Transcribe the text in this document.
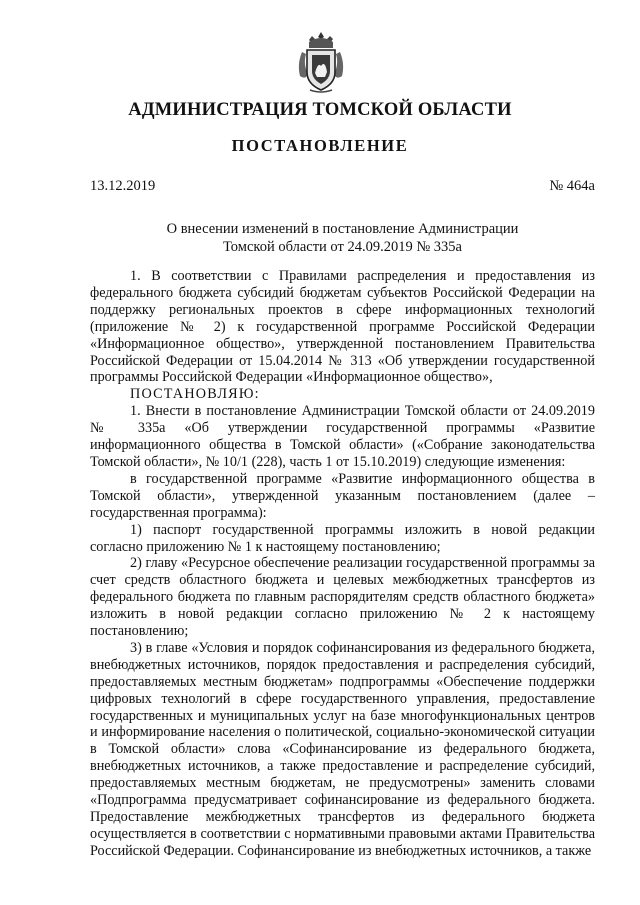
АДМИНИСТРАЦИЯ ТОМСКОЙ ОБЛАСТИ
ПОСТАНОВЛЕНИЕ
13.12.2019	№ 464а
О внесении изменений в постановление Администрации
Томской области от 24.09.2019 № 335а

1. В соответствии с Правилами распределения и предоставления из федерального бюджета субсидий бюджетам субъектов Российской Федерации на поддержку региональных проектов в сфере информационных технологий (приложение № 2) к государственной программе Российской Федерации «Информационное общество», утвержденной постановлением Правительства Российской Федерации от 15.04.2014 № 313 «Об утверждении государственной программы Российской Федерации «Информационное общество»,

ПОСТАНОВЛЯЮ:

1. Внести в постановление Администрации Томской области от 24.09.2019 № 335а «Об утверждении государственной программы «Развитие информационного общества в Томской области» («Собрание законодательства Томской области», № 10/1 (228), часть 1 от 15.10.2019) следующие изменения:

в государственной программе «Развитие информационного общества в Томской области», утвержденной указанным постановлением (далее – государственная программа):

1) паспорт государственной программы изложить в новой редакции согласно приложению № 1 к настоящему постановлению;

2) главу «Ресурсное обеспечение реализации государственной программы за счет средств областного бюджета и целевых межбюджетных трансфертов из федерального бюджета по главным распорядителям средств областного бюджета» изложить в новой редакции согласно приложению № 2 к настоящему постановлению;

3) в главе «Условия и порядок софинансирования из федерального бюджета, внебюджетных источников, порядок предоставления и распределения субсидий, предоставляемых местным бюджетам» подпрограммы «Обеспечение поддержки цифровых технологий в сфере государственного управления, предоставление государственных и муниципальных услуг на базе многофункциональных центров и информирование населения о политической, социально-экономической ситуации в Томской области» слова «Софинансирование из федерального бюджета, внебюджетных источников, а также предоставление и распределение субсидий, предоставляемых местным бюджетам, не предусмотрены» заменить словами «Подпрограмма предусматривает софинансирование из федерального бюджета. Предоставление межбюджетных трансфертов из федерального бюджета осуществляется в соответствии с нормативными правовыми актами Правительства Российской Федерации. Софинансирование из внебюджетных источников, а также
